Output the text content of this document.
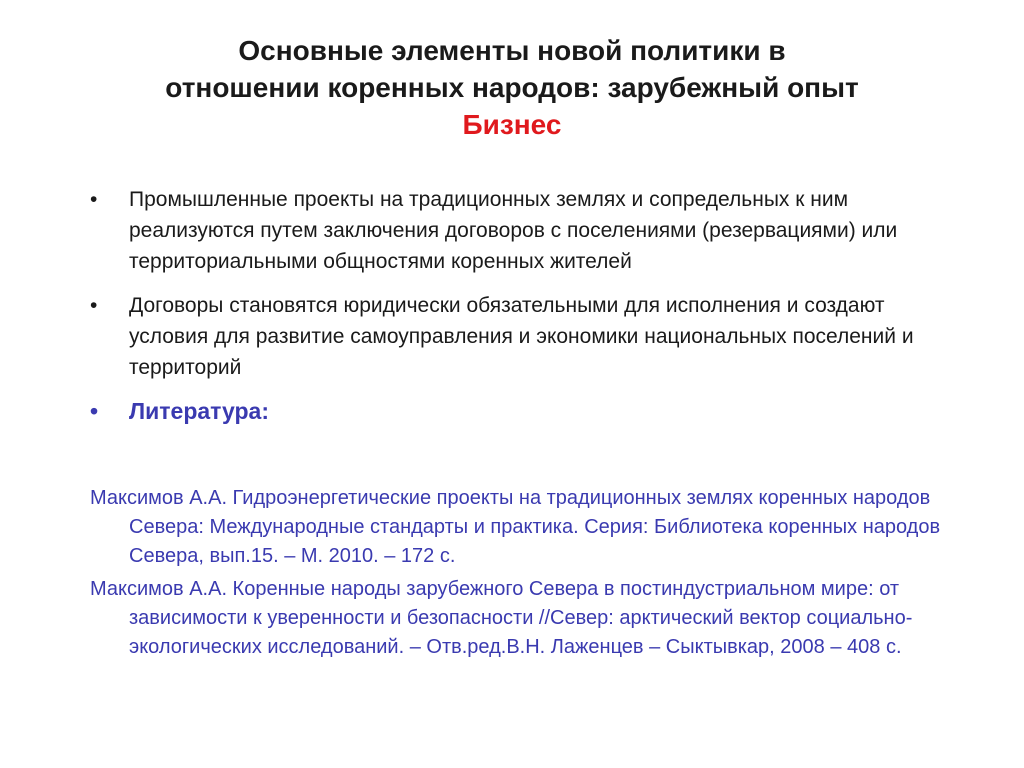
Основные элементы новой политики в
отношении коренных народов: зарубежный опыт
Бизнес
•	Промышленные проекты на традиционных землях и сопредельных к ним реализуются путем заключения договоров с поселениями (резервациями) или территориальными общностями коренных жителей
•	Договоры становятся юридически обязательными для исполнения и создают условия для развитие самоуправления и экономики национальных поселений и территорий
•	Литература:
Максимов А.А. Гидроэнергетические проекты на традиционных землях коренных народов Севера: Международные стандарты и практика. Серия: Библиотека коренных народов Севера, вып.15. – М. 2010. – 172 с.
Максимов А.А. Коренные народы зарубежного Севера в постиндустриальном мире: от зависимости к уверенности и безопасности //Север: арктический вектор социально-экологических исследований. – Отв.ред.В.Н. Лаженцев – Сыктывкар, 2008 – 408 с.
